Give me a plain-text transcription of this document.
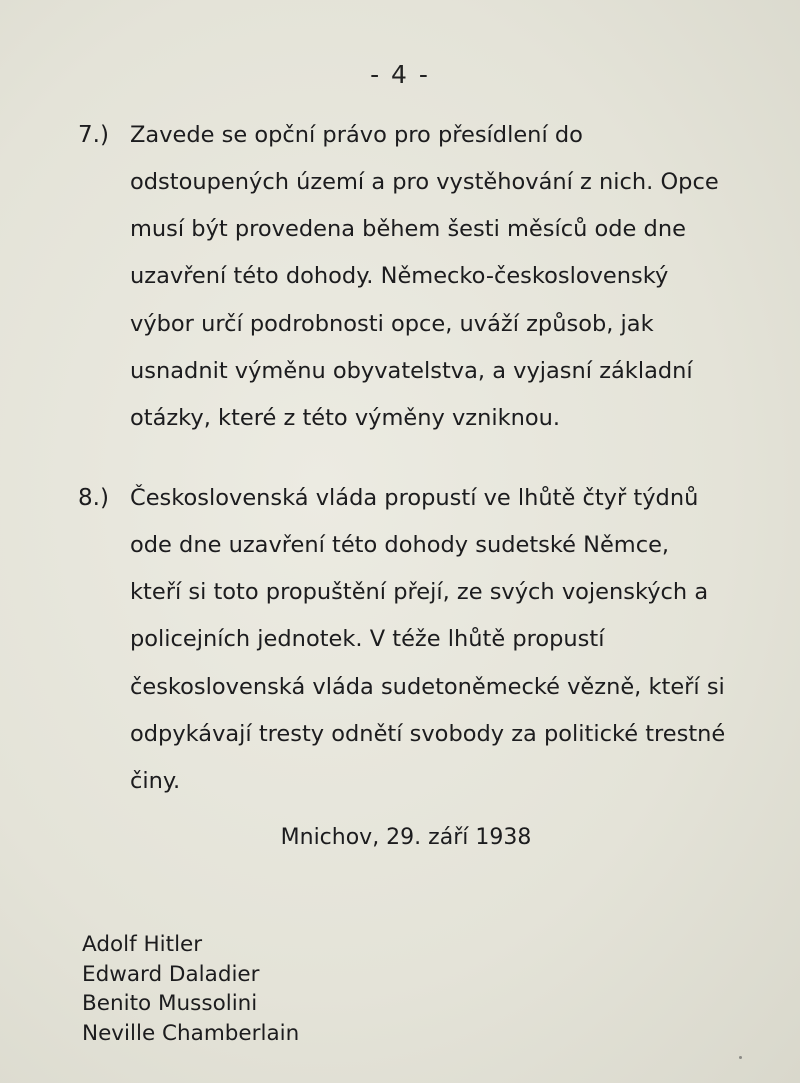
- 4 -
7.) Zavede se opční právo pro přesídlení do
odstoupených území a pro vystěhování z nich. Opce
musí být provedena během šesti měsíců ode dne
uzavření této dohody. Německo-československý
výbor určí podrobnosti opce, uváží způsob, jak
usnadnit výměnu obyvatelstva, a vyjasní základní
otázky, které z této výměny vzniknou.
8.) Československá vláda propustí ve lhůtě čtyř týdnů
ode dne uzavření této dohody sudetské Němce,
kteří si toto propuštění přejí, ze svých vojenských a
policejních jednotek. V téže lhůtě propustí
československá vláda sudetoněmecké vězně, kteří si
odpykávají tresty odnětí svobody za politické trestné
činy.
Mnichov, 29. září 1938
Adolf Hitler
Edward Daladier
Benito Mussolini
Neville Chamberlain
